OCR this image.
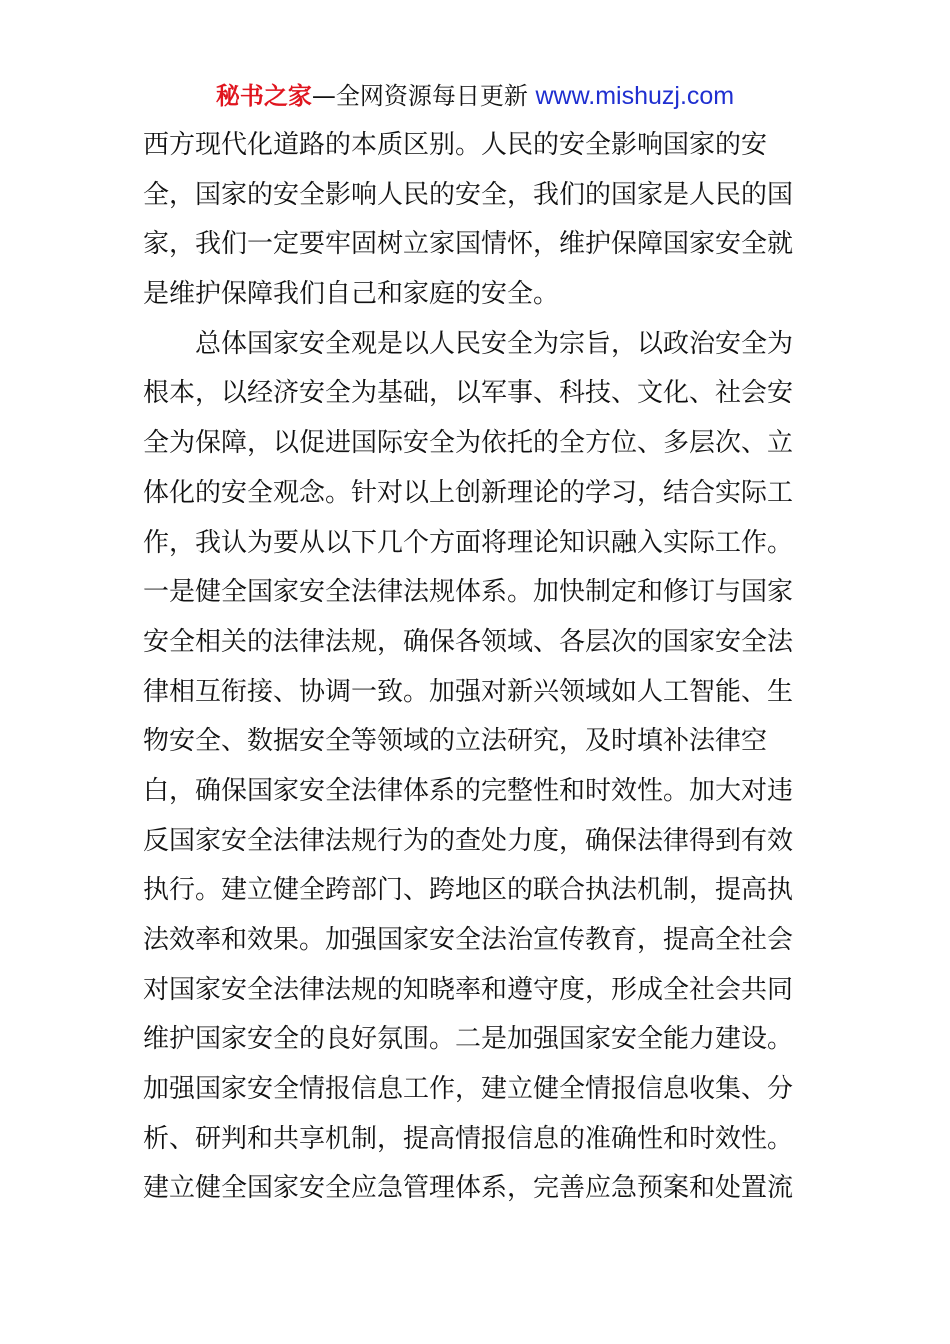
秘书之家—全网资源每日更新 www.mishuzj.com
西方现代化道路的本质区别。人民的安全影响国家的安
全，国家的安全影响人民的安全，我们的国家是人民的国
家，我们一定要牢固树立家国情怀，维护保障国家安全就
是维护保障我们自己和家庭的安全。
　　总体国家安全观是以人民安全为宗旨，以政治安全为
根本，以经济安全为基础，以军事、科技、文化、社会安
全为保障，以促进国际安全为依托的全方位、多层次、立
体化的安全观念。针对以上创新理论的学习，结合实际工
作，我认为要从以下几个方面将理论知识融入实际工作。
一是健全国家安全法律法规体系。加快制定和修订与国家
安全相关的法律法规，确保各领域、各层次的国家安全法
律相互衔接、协调一致。加强对新兴领域如人工智能、生
物安全、数据安全等领域的立法研究，及时填补法律空
白，确保国家安全法律体系的完整性和时效性。加大对违
反国家安全法律法规行为的查处力度，确保法律得到有效
执行。建立健全跨部门、跨地区的联合执法机制，提高执
法效率和效果。加强国家安全法治宣传教育，提高全社会
对国家安全法律法规的知晓率和遵守度，形成全社会共同
维护国家安全的良好氛围。二是加强国家安全能力建设。
加强国家安全情报信息工作，建立健全情报信息收集、分
析、研判和共享机制，提高情报信息的准确性和时效性。
建立健全国家安全应急管理体系，完善应急预案和处置流
